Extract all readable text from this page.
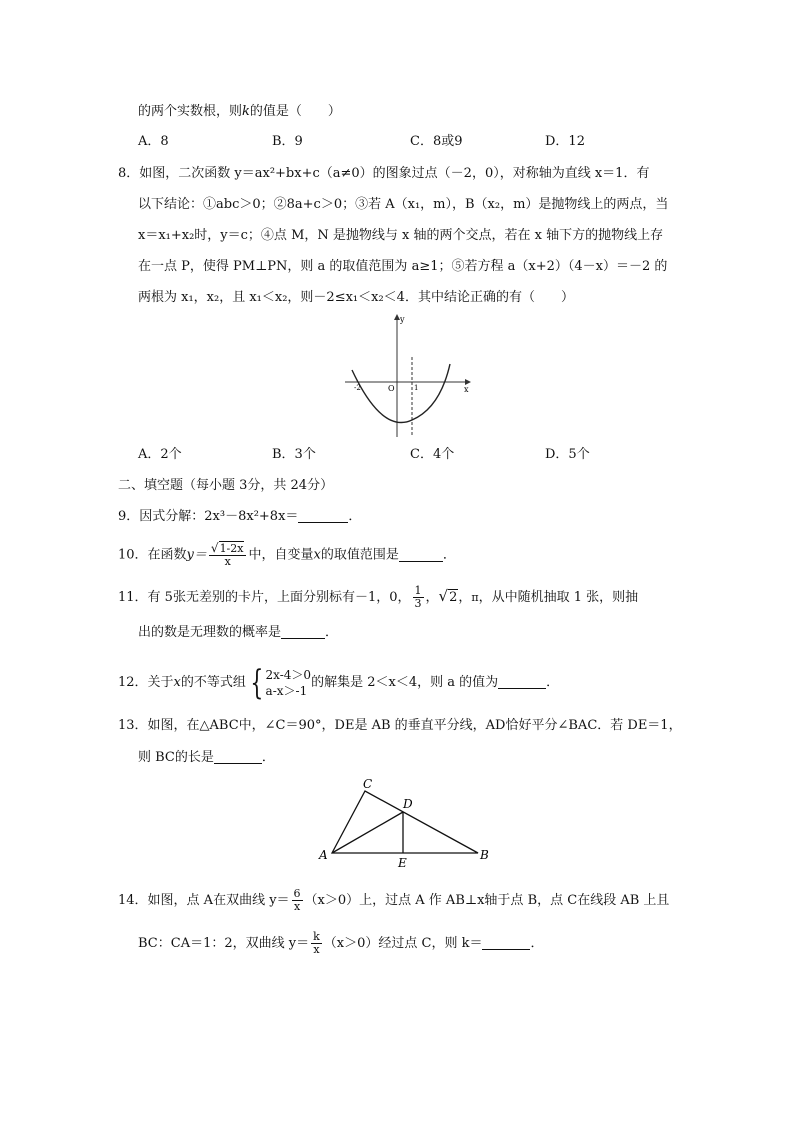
的两个实数根，则k的值是（　　）
A．8	B．9	C．8或9	D．12
8．如图，二次函数 y＝ax²+bx+c（a≠0）的图象过点（－2，0），对称轴为直线 x＝1．有
以下结论：①abc＞0；②8a+c＞0；③若 A（x₁，m），B（x₂，m）是抛物线上的两点，当
x＝x₁+x₂时，y＝c；④点 M，N 是抛物线与 x 轴的两个交点，若在 x 轴下方的抛物线上存
在一点 P，使得 PM⊥PN，则 a 的取值范围为 a≥1；⑤若方程 a（x+2）（4－x）＝－2 的
两根为 x₁，x₂，且 x₁＜x₂，则－2≤x₁＜x₂＜4．其中结论正确的有（　　）
y
x
O
-2	1
A．2个	B．3个	C．4个	D．5个
二、填空题（每小题 3分，共 24分）
9．因式分解：2x³－8x²+8x＝	．
10．在函数$y= \frac{√1-2x}{x}$ 中，自变量x的取值范围是	．
11．有 5张无差别的卡片，上面分别标有－1，0， $\frac{1}{3}$ ，√2，π，从中随机抽取 1 张，则抽
出的数是无理数的概率是	．
12．关于x的不等式组 { 2x-4＞0
a-x＞-1
的解集是 2＜x＜4，则 a 的值为	．
13．如图，在△ABC中，∠C＝90°，DE是 AB 的垂直平分线，AD恰好平分∠BAC．若 DE＝1，
则 BC的长是	．
C
D
A	B
E
14．如图，点 A在双曲线 $y= \frac{6}{x} (x>0)$上，过点 A 作 AB⊥x轴于点 B，点 C在线段 AB 上且
BC：CA＝1：2，双曲线 $y= \frac{k}{x} (x>0)$经过点 C，则 k＝	．
